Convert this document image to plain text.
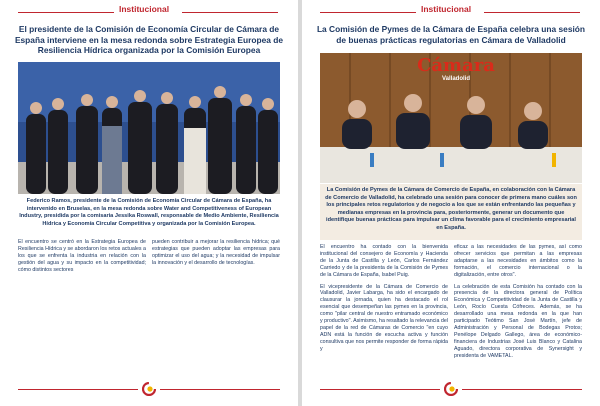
Institucional
El presidente de la Comisión de Economía Circular de Cámara de España interviene en la mesa redonda sobre Estrategia Europea de Resiliencia Hídrica organizada por la Comisión Europea
Federico Ramos, presidente de la Comisión de Economía Circular de Cámara de España, ha intervenido en Bruselas, en la mesa redonda sobre Water and Competitiveness of European Industry, presidida por la comisaria Jessika Roswall, responsable de Medio Ambiente, Resiliencia Hídrica y Economía Circular Competitiva y organizada por la Comisión Europea.

El encuentro se centró en la Estrategia Europea de Resiliencia Hídrica y se abordaron los retos actuales a los que se enfrenta la industria en relación con la gestión del agua y su impacto en la competitividad; cómo distintos sectores

pueden contribuir a mejorar la resiliencia hídrica; qué estrategias que pueden adoptar las empresas para optimizar el uso del agua; y la necesidad de impulsar la innovación y el desarrollo de tecnologías.

Institucional
La Comisión de Pymes de la Cámara de España celebra una sesión de buenas prácticas regulatorias en Cámara de Valladolid
Cámara
Valladolid
La Comisión de Pymes de la Cámara de Comercio de España, en colaboración con la Cámara de Comercio de Valladolid, ha celebrado una sesión para conocer de primera mano cuáles son los principales retos regulatorios y de negocio a los que se están enfrentando las pequeñas y medianas empresas en la provincia para, posteriormente, generar un documento que identifique buenas prácticas para impulsar un clima favorable para el crecimiento empresarial en España.

El encuentro ha contado con la bienvenida institucional del consejero de Economía y Hacienda de la Junta de Castilla y León, Carlos Fernández Carriedo y de la presidenta de la Comisión de Pymes de la Cámara de España, Isabel Puig.

El vicepresidente de la Cámara de Comercio de Valladolid, Javier Labarga, ha sido el encargado de clausurar la jornada, quien ha destacado el rol esencial que desempeñan las pymes en la provincia, como "pilar central de nuestro entramado económico y productivo". Asimismo, ha resaltado la relevancia del papel de la red de Cámaras de Comercio "en cuyo ADN está la función de escucha activa y función consultiva que nos permite responder de forma rápida y

eficaz a las necesidades de las pymes, así como ofrecer servicios que permitan a las empresas adaptarse a las necesidades en ámbitos como la formación, el comercio internacional o la digitalización, entre otros".

La celebración de esta Comisión ha contado con la presencia de la directora general de Política Económica y Competitividad de la Junta de Castilla y León, Rocío Cuesta Cófreces. Además, se ha desarrollado una mesa redonda en la que han participado Teótimo San José Martín, jefe de Administración y Personal de Bodegas Protos; Penélope Delgado Gallego, área de económico-financiera de Industrias José Luis Blanco y Catalina Aguado, directora corporativa de Synersight y presidenta de VAMETAL.
